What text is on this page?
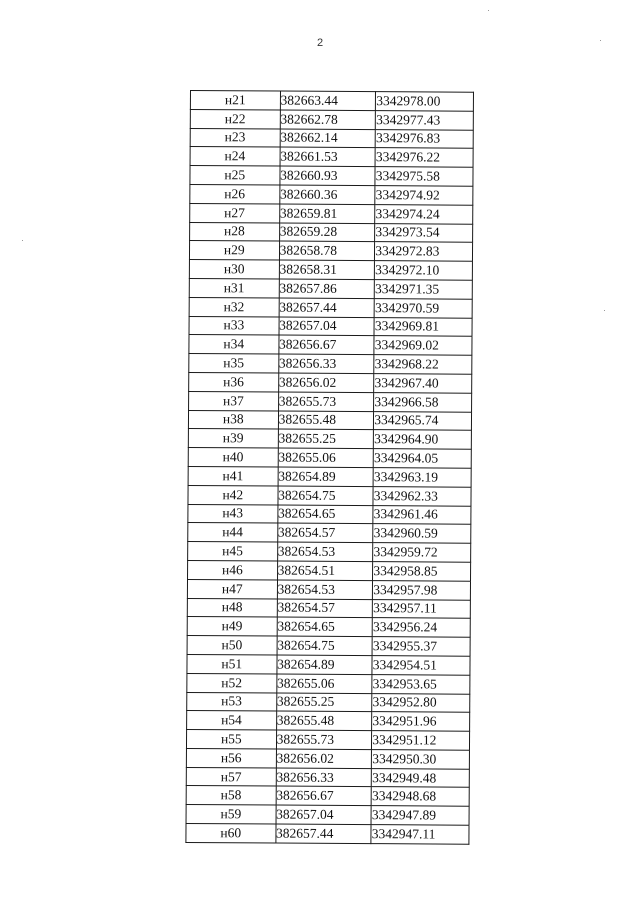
2
н21	382663.44	3342978.00
н22	382662.78	3342977.43
н23	382662.14	3342976.83
н24	382661.53	3342976.22
н25	382660.93	3342975.58
н26	382660.36	3342974.92
н27	382659.81	3342974.24
н28	382659.28	3342973.54
н29	382658.78	3342972.83
н30	382658.31	3342972.10
н31	382657.86	3342971.35
н32	382657.44	3342970.59
н33	382657.04	3342969.81
н34	382656.67	3342969.02
н35	382656.33	3342968.22
н36	382656.02	3342967.40
н37	382655.73	3342966.58
н38	382655.48	3342965.74
н39	382655.25	3342964.90
н40	382655.06	3342964.05
н41	382654.89	3342963.19
н42	382654.75	3342962.33
н43	382654.65	3342961.46
н44	382654.57	3342960.59
н45	382654.53	3342959.72
н46	382654.51	3342958.85
н47	382654.53	3342957.98
н48	382654.57	3342957.11
н49	382654.65	3342956.24
н50	382654.75	3342955.37
н51	382654.89	3342954.51
н52	382655.06	3342953.65
н53	382655.25	3342952.80
н54	382655.48	3342951.96
н55	382655.73	3342951.12
н56	382656.02	3342950.30
н57	382656.33	3342949.48
н58	382656.67	3342948.68
н59	382657.04	3342947.89
н60	382657.44	3342947.11
